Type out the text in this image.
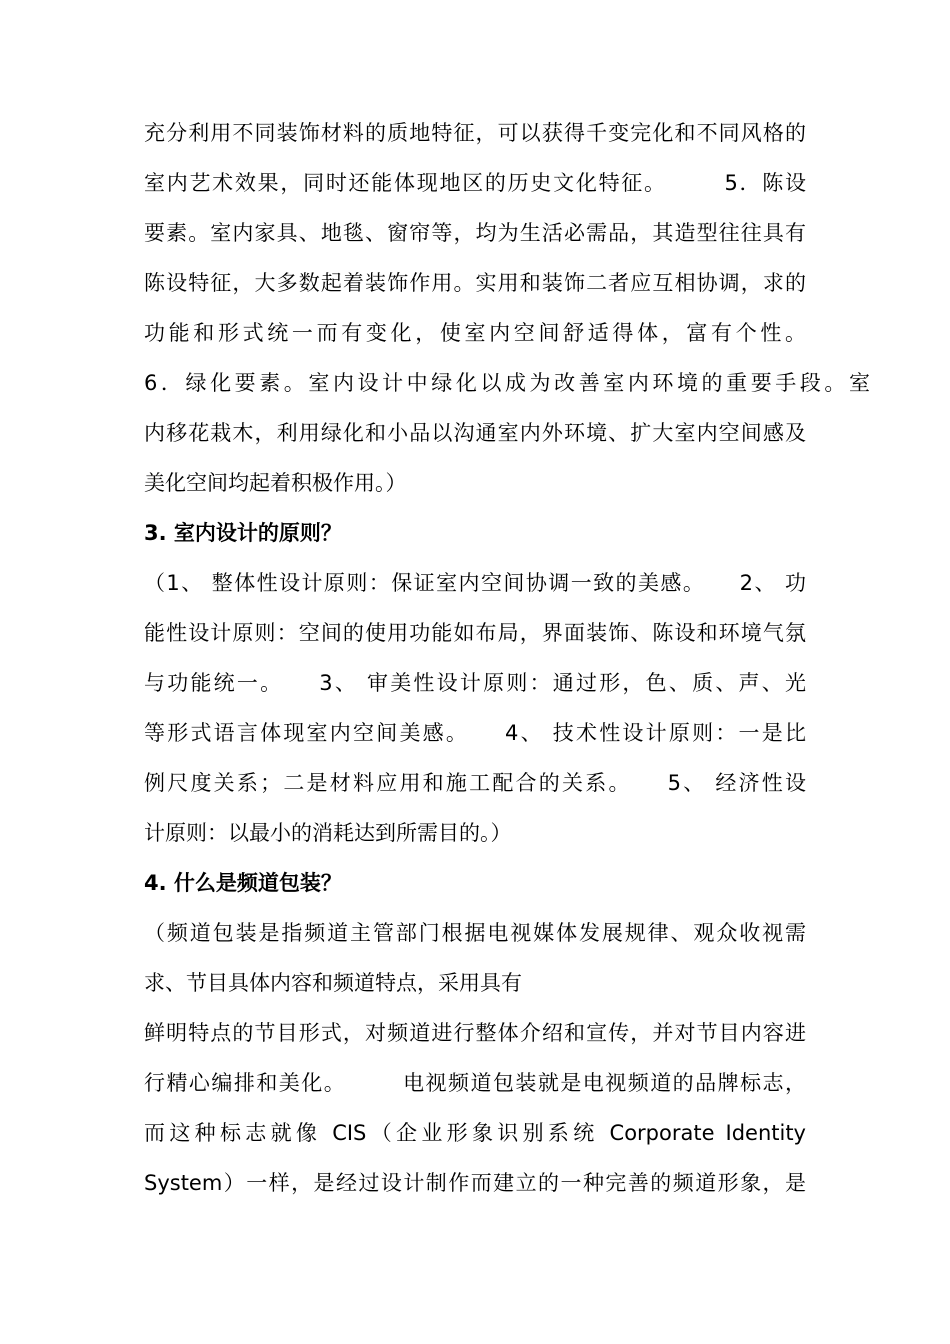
充分利用不同装饰材料的质地特征，可以获得千变完化和不同风格的
室内艺术效果，同时还能体现地区的历史文化特征。　　　5．陈设
要素。室内家具、地毯、窗帘等，均为生活必需品，其造型往往具有
陈设特征，大多数起着装饰作用。实用和装饰二者应互相协调，求的
功能和形式统一而有变化，使室内空间舒适得体，富有个性。
6．绿化要素。室内设计中绿化以成为改善室内环境的重要手段。室
内移花栽木，利用绿化和小品以沟通室内外环境、扩大室内空间感及
美化空间均起着积极作用。）
3. 室内设计的原则？
（1、 整体性设计原则：保证室内空间协调一致的美感。　　2、 功
能性设计原则：空间的使用功能如布局，界面装饰、陈设和环境气氛
与功能统一。　　3、 审美性设计原则：通过形，色、质、声、光
等形式语言体现室内空间美感。　　4、 技术性设计原则：一是比
例尺度关系；二是材料应用和施工配合的关系。　　5、 经济性设
计原则：以最小的消耗达到所需目的。）
4. 什么是频道包装？
（频道包装是指频道主管部门根据电视媒体发展规律、观众收视需
求、节目具体内容和频道特点，采用具有
鲜明特点的节目形式，对频道进行整体介绍和宣传，并对节目内容进
行精心编排和美化。　　　电视频道包装就是电视频道的品牌标志，
而这种标志就像 CIS（企业形象识别系统 Corporate Identity
System）一样，是经过设计制作而建立的一种完善的频道形象，是
